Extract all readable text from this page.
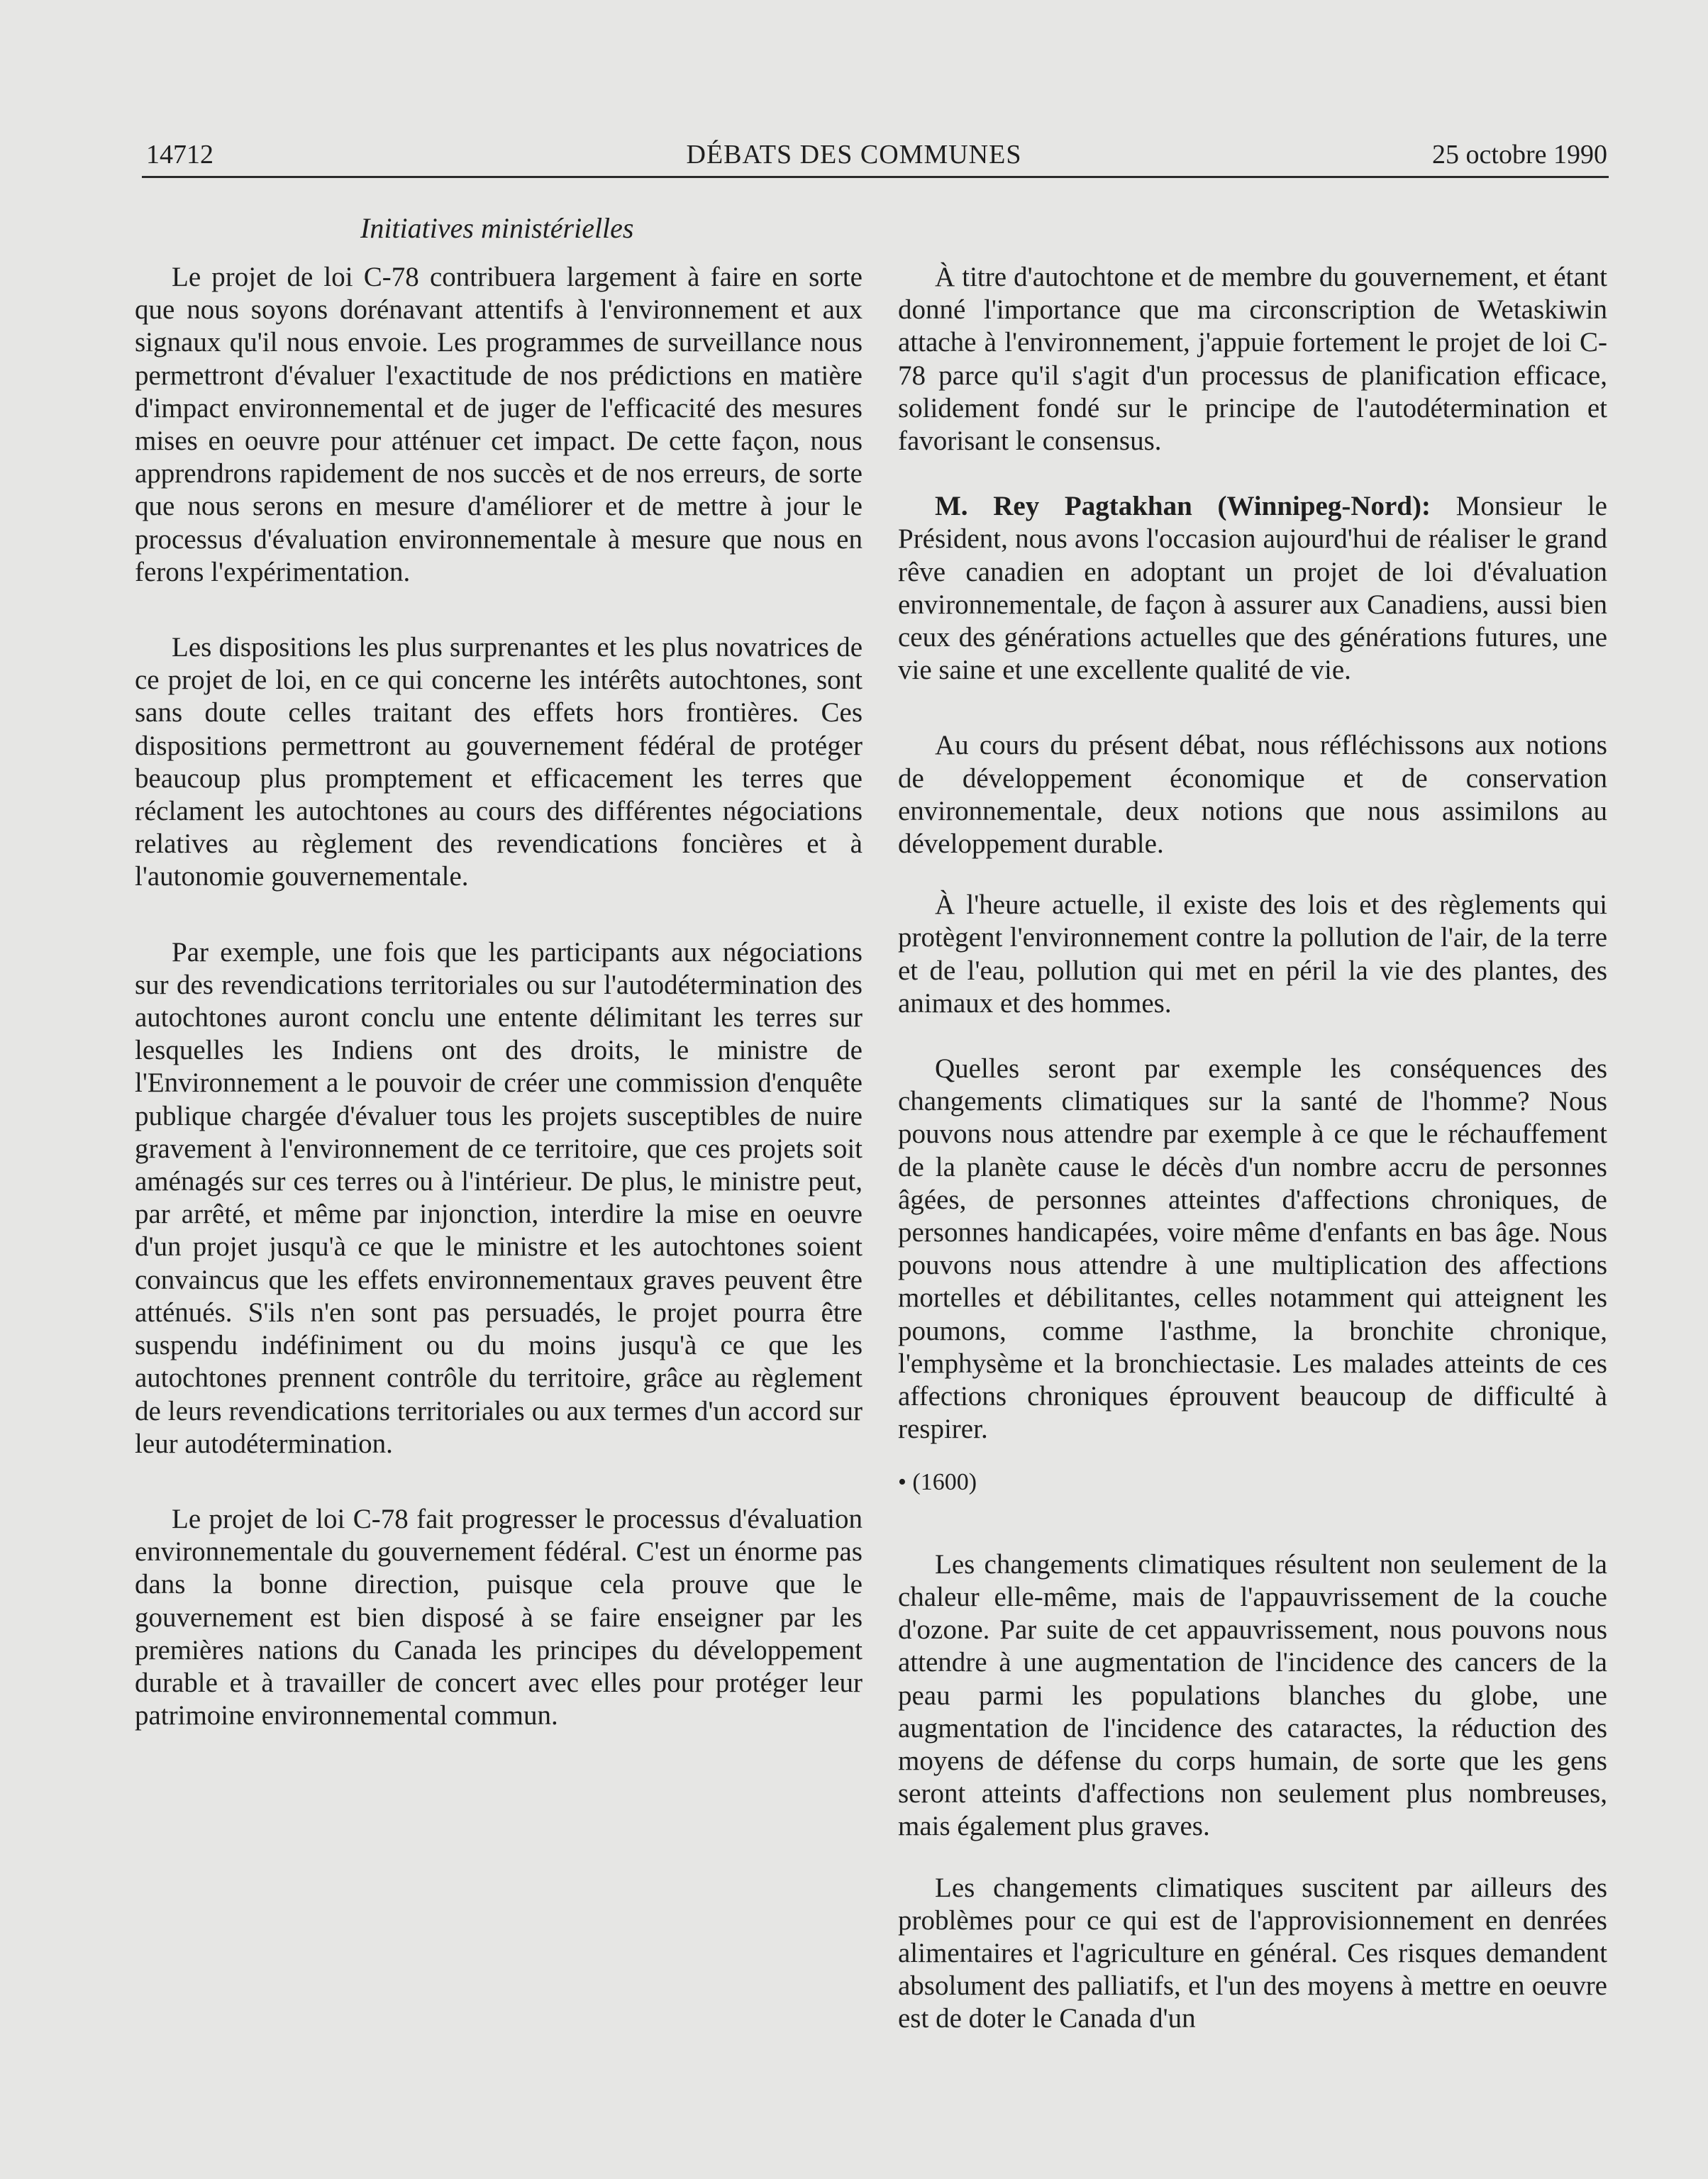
14712	DÉBATS DES COMMUNES	25 octobre 1990
Initiatives ministérielles

Le projet de loi C-78 contribuera largement à faire en sorte que nous soyons dorénavant attentifs à l'environnement et aux signaux qu'il nous envoie. Les programmes de surveillance nous permettront d'évaluer l'exactitude de nos prédictions en matière d'impact environnemental et de juger de l'efficacité des mesures mises en oeuvre pour atténuer cet impact. De cette façon, nous apprendrons rapidement de nos succès et de nos erreurs, de sorte que nous serons en mesure d'améliorer et de mettre à jour le processus d'évaluation environnementale à mesure que nous en ferons l'expérimentation.

Les dispositions les plus surprenantes et les plus novatrices de ce projet de loi, en ce qui concerne les intérêts autochtones, sont sans doute celles traitant des effets hors frontières. Ces dispositions permettront au gouvernement fédéral de protéger beaucoup plus promptement et efficacement les terres que réclament les autochtones au cours des différentes négociations relatives au règlement des revendications foncières et à l'autonomie gouvernementale.

Par exemple, une fois que les participants aux négociations sur des revendications territoriales ou sur l'autodétermination des autochtones auront conclu une entente délimitant les terres sur lesquelles les Indiens ont des droits, le ministre de l'Environnement a le pouvoir de créer une commission d'enquête publique chargée d'évaluer tous les projets susceptibles de nuire gravement à l'environnement de ce territoire, que ces projets soit aménagés sur ces terres ou à l'intérieur. De plus, le ministre peut, par arrêté, et même par injonction, interdire la mise en oeuvre d'un projet jusqu'à ce que le ministre et les autochtones soient convaincus que les effets environnementaux graves peuvent être atténués. S'ils n'en sont pas persuadés, le projet pourra être suspendu indéfiniment ou du moins jusqu'à ce que les autochtones prennent contrôle du territoire, grâce au règlement de leurs revendications territoriales ou aux termes d'un accord sur leur autodétermination.

Le projet de loi C-78 fait progresser le processus d'évaluation environnementale du gouvernement fédéral. C'est un énorme pas dans la bonne direction, puisque cela prouve que le gouvernement est bien disposé à se faire enseigner par les premières nations du Canada les principes du développement durable et à travailler de concert avec elles pour protéger leur patrimoine environnemental commun.

À titre d'autochtone et de membre du gouvernement, et étant donné l'importance que ma circonscription de Wetaskiwin attache à l'environnement, j'appuie fortement le projet de loi C-78 parce qu'il s'agit d'un processus de planification efficace, solidement fondé sur le principe de l'autodétermination et favorisant le consensus.

M. Rey Pagtakhan (Winnipeg-Nord): Monsieur le Président, nous avons l'occasion aujourd'hui de réaliser le grand rêve canadien en adoptant un projet de loi d'évaluation environnementale, de façon à assurer aux Canadiens, aussi bien ceux des générations actuelles que des générations futures, une vie saine et une excellente qualité de vie.

Au cours du présent débat, nous réfléchissons aux notions de développement économique et de conservation environnementale, deux notions que nous assimilons au développement durable.

À l'heure actuelle, il existe des lois et des règlements qui protègent l'environnement contre la pollution de l'air, de la terre et de l'eau, pollution qui met en péril la vie des plantes, des animaux et des hommes.

Quelles seront par exemple les conséquences des changements climatiques sur la santé de l'homme? Nous pouvons nous attendre par exemple à ce que le réchauffement de la planète cause le décès d'un nombre accru de personnes âgées, de personnes atteintes d'affections chroniques, de personnes handicapées, voire même d'enfants en bas âge. Nous pouvons nous attendre à une multiplication des affections mortelles et débilitantes, celles notamment qui atteignent les poumons, comme l'asthme, la bronchite chronique, l'emphysème et la bronchiectasie. Les malades atteints de ces affections chroniques éprouvent beaucoup de difficulté à respirer.

• (1600)

Les changements climatiques résultent non seulement de la chaleur elle-même, mais de l'appauvrissement de la couche d'ozone. Par suite de cet appauvrissement, nous pouvons nous attendre à une augmentation de l'incidence des cancers de la peau parmi les populations blanches du globe, une augmentation de l'incidence des cataractes, la réduction des moyens de défense du corps humain, de sorte que les gens seront atteints d'affections non seulement plus nombreuses, mais également plus graves.

Les changements climatiques suscitent par ailleurs des problèmes pour ce qui est de l'approvisionnement en denrées alimentaires et l'agriculture en général. Ces risques demandent absolument des palliatifs, et l'un des moyens à mettre en oeuvre est de doter le Canada d'un
